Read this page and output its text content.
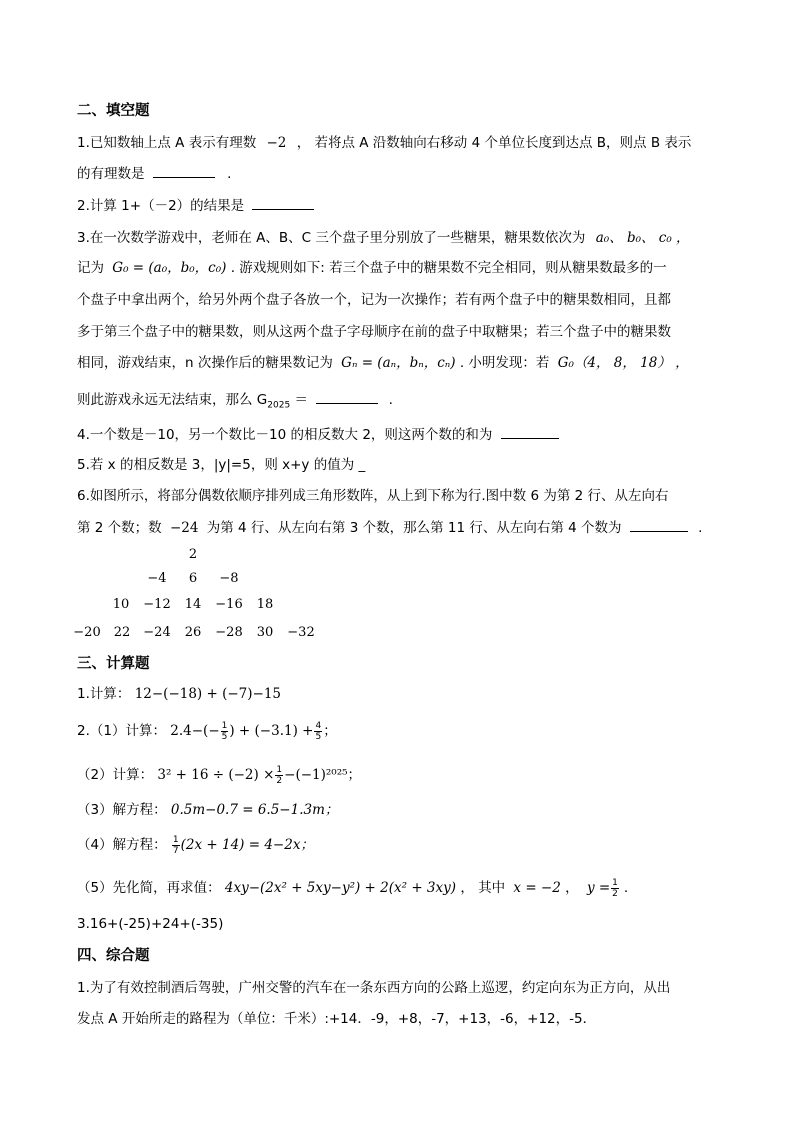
二、填空题
1.已知数轴上点 A 表示有理数 −2 ， 若将点 A 沿数轴向右移动 4 个单位长度到达点 B，则点 B 表示
的有理数是	.
2.计算 1+（－2）的结果是
3.在一次数学游戏中，老师在 A、B、C 三个盘子里分别放了一些糖果，糖果数依次为 a₀、 b₀、 c₀ ，
记为 G₀ = (a₀，b₀，c₀) . 游戏规则如下: 若三个盘子中的糖果数不完全相同，则从糖果数最多的一
个盘子中拿出两个，给另外两个盘子各放一个，记为一次操作；若有两个盘子中的糖果数相同，且都
多于第三个盘子中的糖果数，则从这两个盘子字母顺序在前的盘子中取糖果；若三个盘子中的糖果数
相同，游戏结束，n 次操作后的糖果数记为 Gₙ = (aₙ，bₙ，cₙ) . 小明发现：若 G₀（4， 8， 18） ，
则此游戏永远无法结束，那么 $G_{2025}$ ＝	.
4.一个数是－10，另一个数比－10 的相反数大 2，则这两个数的和为
5.若 x 的相反数是 3，|y|=5，则 x+y 的值为 _
6.如图所示，将部分偶数依顺序排列成三角形数阵，从上到下称为行.图中数 6 为第 2 行、从左向右
第 2 个数；数 −24 为第 4 行、从左向右第 3 个数，那么第 11 行、从左向右第 4 个数为	.
2
−4	6	−8
10	−12	14	−16	18
−20	22	−24	26	−28	30	−32
三、计算题
1.计算： 12−(−18) + (−7)−15
2.（1）计算： $2.4-(- \frac{1}{5}$ ) + $(-3.1) + \frac{4}{5}$ ；
（2）计算： $3^2 + 16 \div (-2) \times \frac{1}{2} -(-1)^{2025}$；
（3）解方程： 0.5m−0.7 = 6.5−1.3m；
（4）解方程： $\frac{1}{7} (2x + 14) = 4-2x$；
（5）先化简，再求值： 4xy−(2x² + 5xy−y²) + 2(x² + 3xy) ， 其中 x = −2 ， $y = \frac{1}{2}$ .
3.16+(-25)+24+(-35)
四、综合题
1.为了有效控制酒后驾驶，广州交警的汽车在一条东西方向的公路上巡逻，约定向东为正方向，从出
发点 A 开始所走的路程为（单位：千米）:+14．-9，+8，-7，+13，-6，+12，-5．
